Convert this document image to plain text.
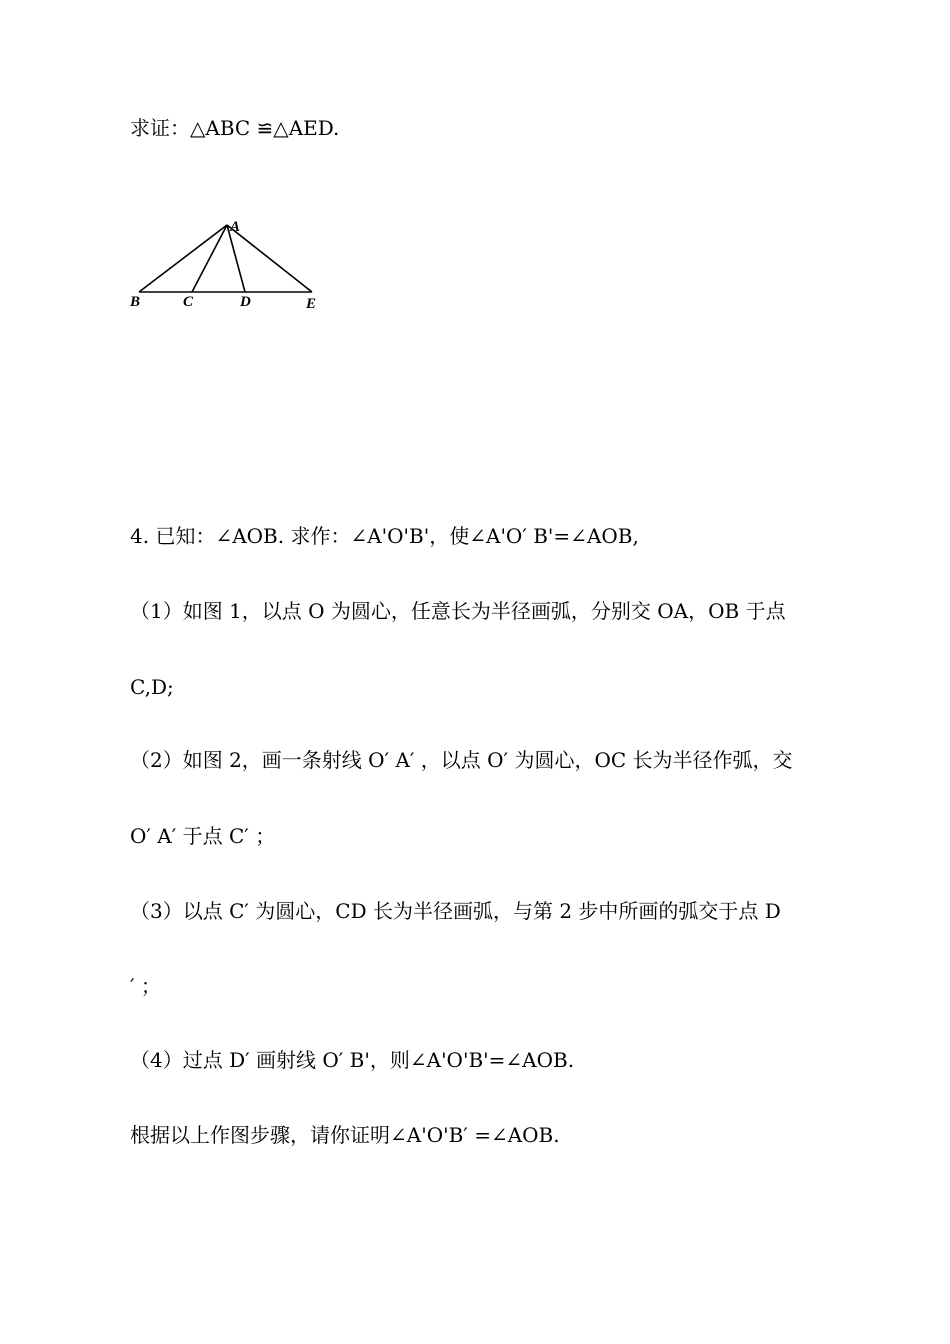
求证：△ABC ≌△AED.
A
B	C	D	E
4. 已知：∠AOB. 求作：∠A'O'B'，使∠A'O′ B'=∠AOB,
（1）如图 1，以点 O 为圆心，任意长为半径画弧，分别交 OA，OB 于点
C,D;
（2）如图 2，画一条射线 O′ A′ ，以点 O′ 为圆心，OC 长为半径作弧，交
O′ A′ 于点 C′ ；
（3）以点 C′ 为圆心，CD 长为半径画弧，与第 2 步中所画的弧交于点 D
′ ；
（4）过点 D′ 画射线 O′ B'，则∠A'O'B'=∠AOB.
根据以上作图步骤，请你证明∠A'O'B′ =∠AOB.
